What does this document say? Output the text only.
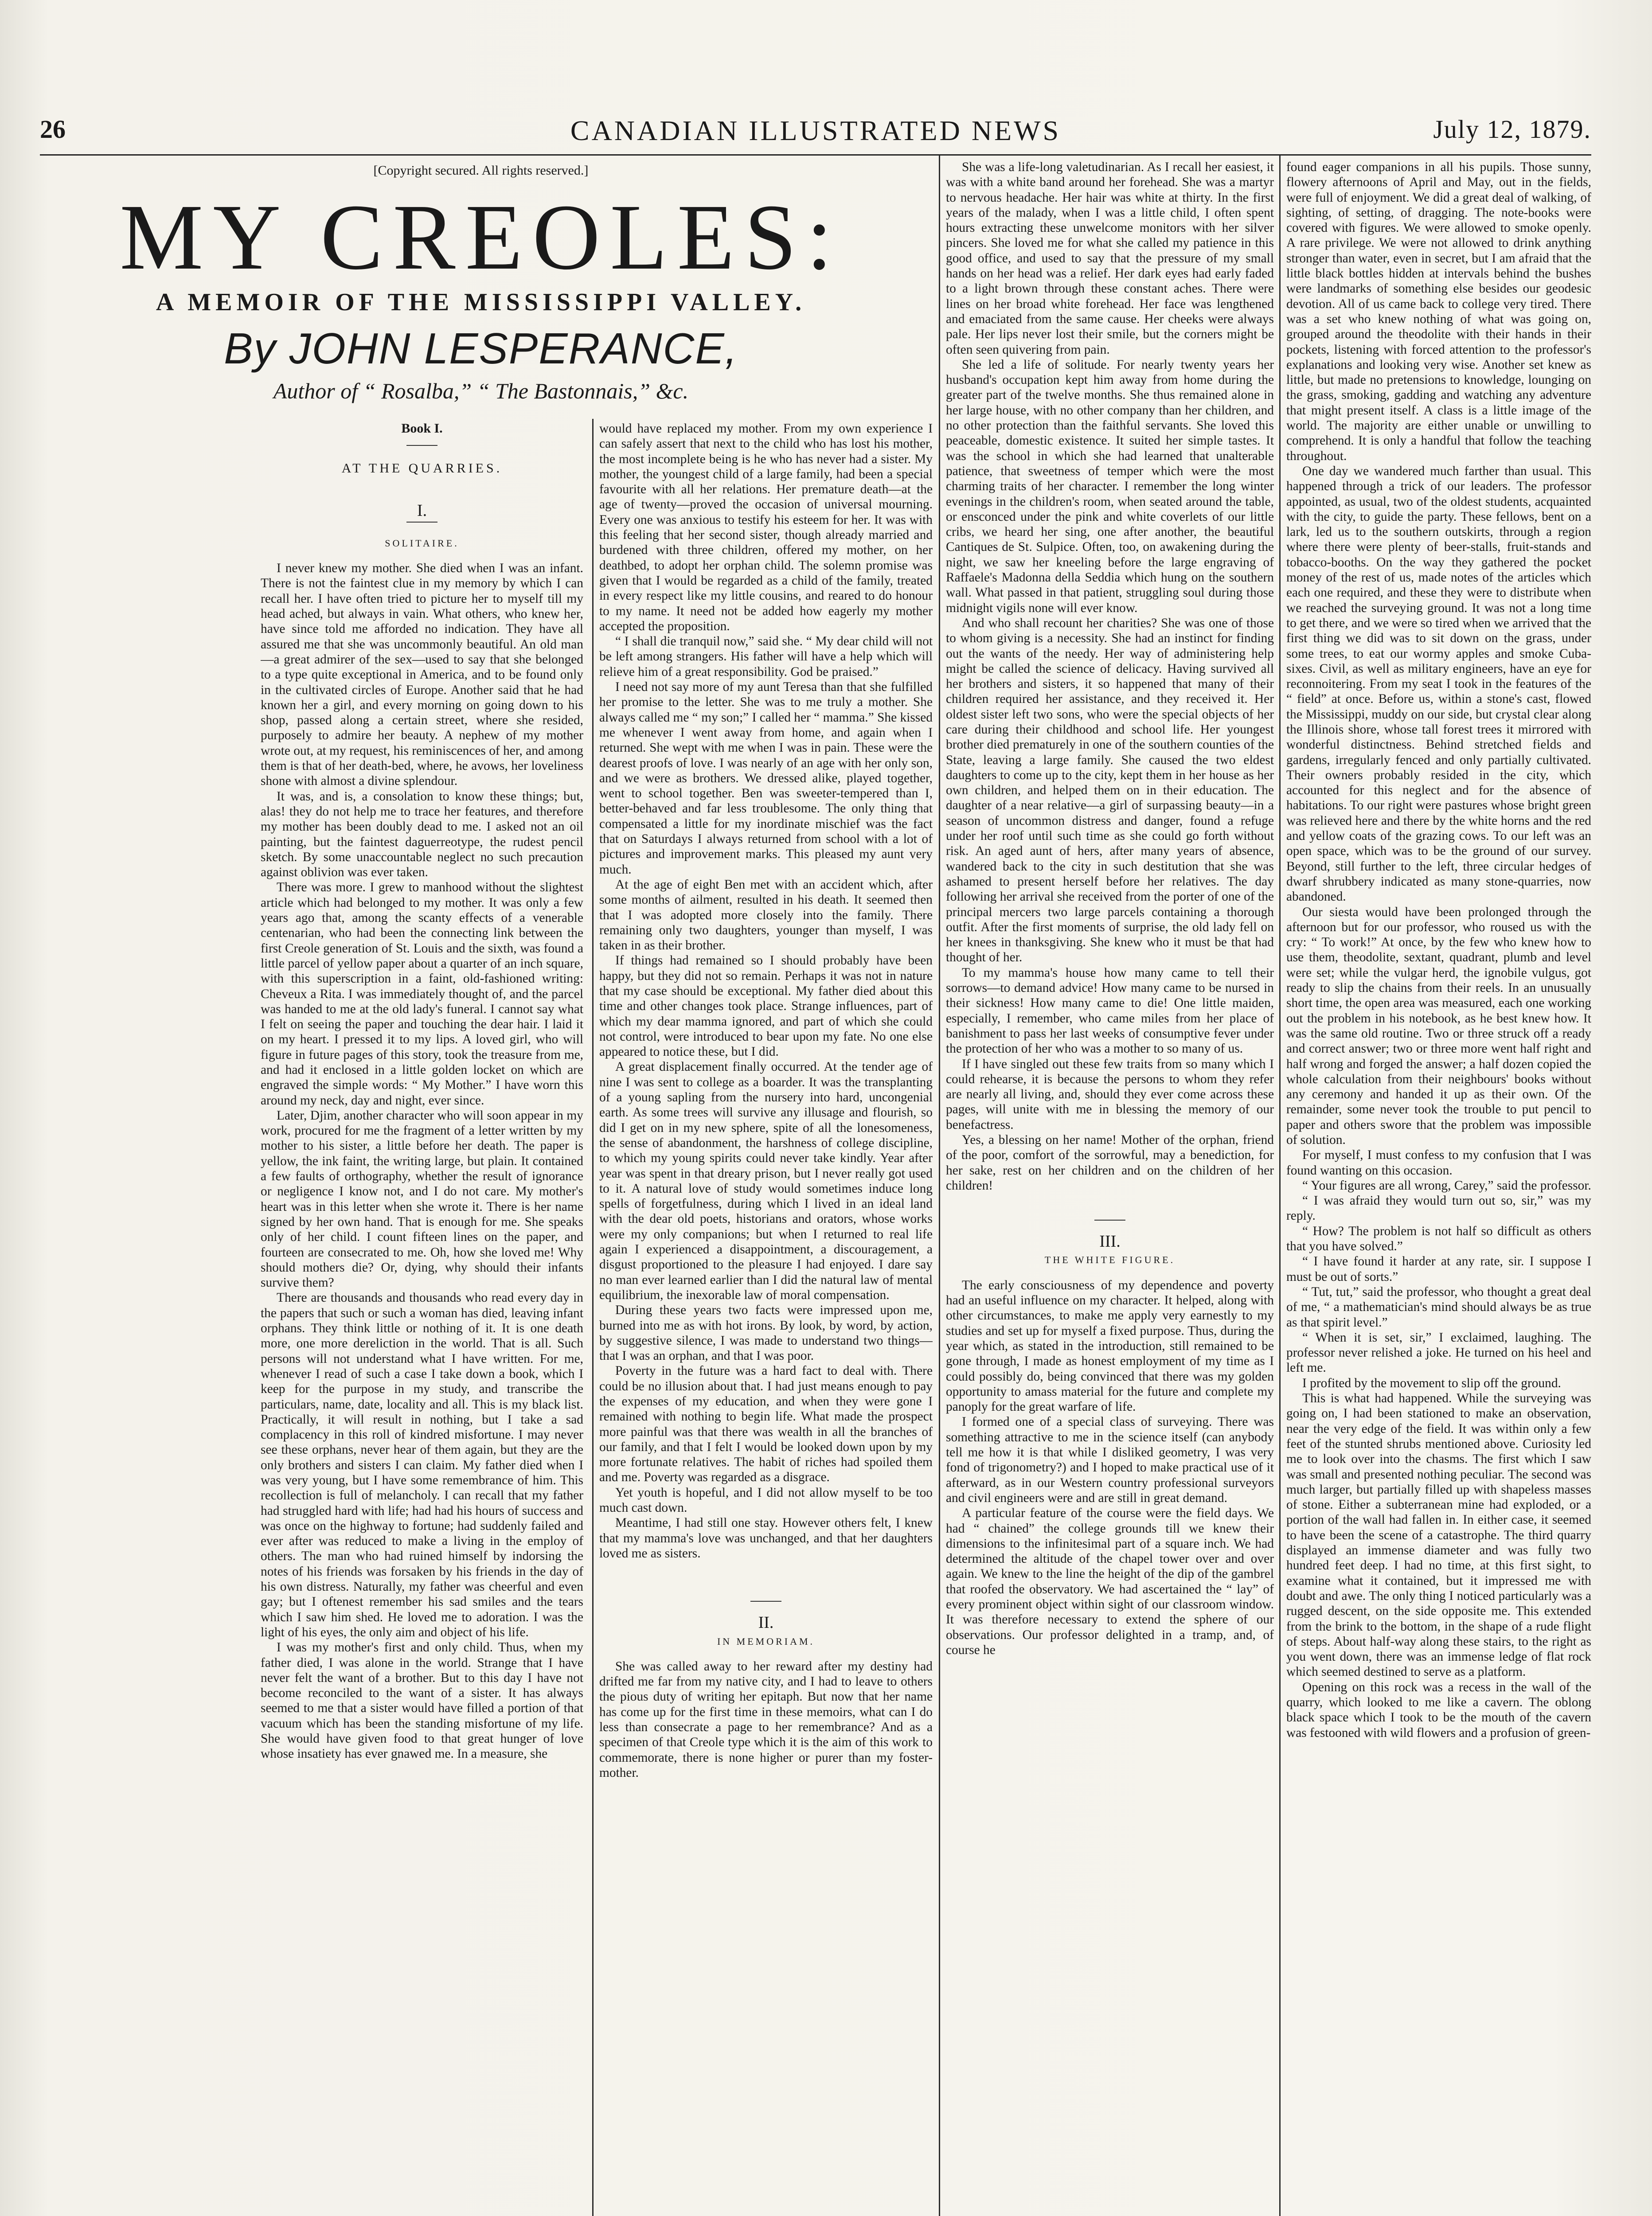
26	CANADIAN ILLUSTRATED NEWS	July 12, 1879.
[Copyright secured. All rights reserved.]
MY CREOLES:
A MEMOIR OF THE MISSISSIPPI VALLEY.
By JOHN LESPERANCE,
Author of “ Rosalba,” “ The Bastonnais,” &c.
Book I.
AT THE QUARRIES.
I.
SOLITAIRE.

I never knew my mother. She died when I was an infant. There is not the faintest clue in my memory by which I can recall her. I have often tried to picture her to myself till my head ached, but always in vain. What others, who knew her, have since told me afforded no indication. They have all assured me that she was uncommonly beautiful. An old man—a great admirer of the sex—used to say that she belonged to a type quite exceptional in America, and to be found only in the cultivated circles of Europe. Another said that he had known her a girl, and every morning on going down to his shop, passed along a certain street, where she resided, purposely to admire her beauty. A nephew of my mother wrote out, at my request, his reminiscences of her, and among them is that of her death-bed, where, he avows, her loveliness shone with almost a divine splendour.

It was, and is, a consolation to know these things; but, alas! they do not help me to trace her features, and therefore my mother has been doubly dead to me. I asked not an oil painting, but the faintest daguerreotype, the rudest pencil sketch. By some unaccountable neglect no such precaution against oblivion was ever taken.

There was more. I grew to manhood without the slightest article which had belonged to my mother. It was only a few years ago that, among the scanty effects of a venerable centenarian, who had been the connecting link between the first Creole generation of St. Louis and the sixth, was found a little parcel of yellow paper about a quarter of an inch square, with this superscription in a faint, old-fashioned writing: Cheveux a Rita. I was immediately thought of, and the parcel was handed to me at the old lady's funeral. I cannot say what I felt on seeing the paper and touching the dear hair. I laid it on my heart. I pressed it to my lips. A loved girl, who will figure in future pages of this story, took the treasure from me, and had it enclosed in a little golden locket on which are engraved the simple words: “ My Mother.” I have worn this around my neck, day and night, ever since.

Later, Djim, another character who will soon appear in my work, procured for me the fragment of a letter written by my mother to his sister, a little before her death. The paper is yellow, the ink faint, the writing large, but plain. It contained a few faults of orthography, whether the result of ignorance or negligence I know not, and I do not care. My mother's heart was in this letter when she wrote it. There is her name signed by her own hand. That is enough for me. She speaks only of her child. I count fifteen lines on the paper, and fourteen are consecrated to me. Oh, how she loved me! Why should mothers die? Or, dying, why should their infants survive them?

There are thousands and thousands who read every day in the papers that such or such a woman has died, leaving infant orphans. They think little or nothing of it. It is one death more, one more dereliction in the world. That is all. Such persons will not understand what I have written. For me, whenever I read of such a case I take down a book, which I keep for the purpose in my study, and transcribe the particulars, name, date, locality and all. This is my black list. Practically, it will result in nothing, but I take a sad complacency in this roll of kindred misfortune. I may never see these orphans, never hear of them again, but they are the only brothers and sisters I can claim. My father died when I was very young, but I have some remembrance of him. This recollection is full of melancholy. I can recall that my father had struggled hard with life; had had his hours of success and was once on the highway to fortune; had suddenly failed and ever after was reduced to make a living in the employ of others. The man who had ruined himself by indorsing the notes of his friends was forsaken by his friends in the day of his own distress. Naturally, my father was cheerful and even gay; but I oftenest remember his sad smiles and the tears which I saw him shed. He loved me to adoration. I was the light of his eyes, the only aim and object of his life.

I was my mother's first and only child. Thus, when my father died, I was alone in the world. Strange that I have never felt the want of a brother. But to this day I have not become reconciled to the want of a sister. It has always seemed to me that a sister would have filled a portion of that vacuum which has been the standing misfortune of my life. She would have given food to that great hunger of love whose insatiety has ever gnawed me. In a measure, she

would have replaced my mother. From my own experience I can safely assert that next to the child who has lost his mother, the most incomplete being is he who has never had a sister. My mother, the youngest child of a large family, had been a special favourite with all her relations. Her premature death—at the age of twenty—proved the occasion of universal mourning. Every one was anxious to testify his esteem for her. It was with this feeling that her second sister, though already married and burdened with three children, offered my mother, on her deathbed, to adopt her orphan child. The solemn promise was given that I would be regarded as a child of the family, treated in every respect like my little cousins, and reared to do honour to my name. It need not be added how eagerly my mother accepted the proposition.

“ I shall die tranquil now,” said she. “ My dear child will not be left among strangers. His father will have a help which will relieve him of a great responsibility. God be praised.”

I need not say more of my aunt Teresa than that she fulfilled her promise to the letter. She was to me truly a mother. She always called me “ my son;” I called her “ mamma.” She kissed me whenever I went away from home, and again when I returned. She wept with me when I was in pain. These were the dearest proofs of love. I was nearly of an age with her only son, and we were as brothers. We dressed alike, played together, went to school together. Ben was sweeter-tempered than I, better-behaved and far less troublesome. The only thing that compensated a little for my inordinate mischief was the fact that on Saturdays I always returned from school with a lot of pictures and improvement marks. This pleased my aunt very much.

At the age of eight Ben met with an accident which, after some months of ailment, resulted in his death. It seemed then that I was adopted more closely into the family. There remaining only two daughters, younger than myself, I was taken in as their brother.

If things had remained so I should probably have been happy, but they did not so remain. Perhaps it was not in nature that my case should be exceptional. My father died about this time and other changes took place. Strange influences, part of which my dear mamma ignored, and part of which she could not control, were introduced to bear upon my fate. No one else appeared to notice these, but I did.

A great displacement finally occurred. At the tender age of nine I was sent to college as a boarder. It was the transplanting of a young sapling from the nursery into hard, uncongenial earth. As some trees will survive any illusage and flourish, so did I get on in my new sphere, spite of all the lonesomeness, the sense of abandonment, the harshness of college discipline, to which my young spirits could never take kindly. Year after year was spent in that dreary prison, but I never really got used to it. A natural love of study would sometimes induce long spells of forgetfulness, during which I lived in an ideal land with the dear old poets, historians and orators, whose works were my only companions; but when I returned to real life again I experienced a disappointment, a discouragement, a disgust proportioned to the pleasure I had enjoyed. I dare say no man ever learned earlier than I did the natural law of mental equilibrium, the inexorable law of moral compensation.

During these years two facts were impressed upon me, burned into me as with hot irons. By look, by word, by action, by suggestive silence, I was made to understand two things—that I was an orphan, and that I was poor.

Poverty in the future was a hard fact to deal with. There could be no illusion about that. I had just means enough to pay the expenses of my education, and when they were gone I remained with nothing to begin life. What made the prospect more painful was that there was wealth in all the branches of our family, and that I felt I would be looked down upon by my more fortunate relatives. The habit of riches had spoiled them and me. Poverty was regarded as a disgrace.

Yet youth is hopeful, and I did not allow myself to be too much cast down.

Meantime, I had still one stay. However others felt, I knew that my mamma's love was unchanged, and that her daughters loved me as sisters.

II.
IN MEMORIAM.

She was called away to her reward after my destiny had drifted me far from my native city, and I had to leave to others the pious duty of writing her epitaph. But now that her name has come up for the first time in these memoirs, what can I do less than consecrate a page to her remembrance? And as a specimen of that Creole type which it is the aim of this work to commemorate, there is none higher or purer than my foster-mother.

She was a life-long valetudinarian. As I recall her easiest, it was with a white band around her forehead. She was a martyr to nervous headache. Her hair was white at thirty. In the first years of the malady, when I was a little child, I often spent hours extracting these unwelcome monitors with her silver pincers. She loved me for what she called my patience in this good office, and used to say that the pressure of my small hands on her head was a relief. Her dark eyes had early faded to a light brown through these constant aches. There were lines on her broad white forehead. Her face was lengthened and emaciated from the same cause. Her cheeks were always pale. Her lips never lost their smile, but the corners might be often seen quivering from pain.

She led a life of solitude. For nearly twenty years her husband's occupation kept him away from home during the greater part of the twelve months. She thus remained alone in her large house, with no other company than her children, and no other protection than the faithful servants. She loved this peaceable, domestic existence. It suited her simple tastes. It was the school in which she had learned that unalterable patience, that sweetness of temper which were the most charming traits of her character. I remember the long winter evenings in the children's room, when seated around the table, or ensconced under the pink and white coverlets of our little cribs, we heard her sing, one after another, the beautiful Cantiques de St. Sulpice. Often, too, on awakening during the night, we saw her kneeling before the large engraving of Raffaele's Madonna della Seddia which hung on the southern wall. What passed in that patient, struggling soul during those midnight vigils none will ever know.

And who shall recount her charities? She was one of those to whom giving is a necessity. She had an instinct for finding out the wants of the needy. Her way of administering help might be called the science of delicacy. Having survived all her brothers and sisters, it so happened that many of their children required her assistance, and they received it. Her oldest sister left two sons, who were the special objects of her care during their childhood and school life. Her youngest brother died prematurely in one of the southern counties of the State, leaving a large family. She caused the two eldest daughters to come up to the city, kept them in her house as her own children, and helped them on in their education. The daughter of a near relative—a girl of surpassing beauty—in a season of uncommon distress and danger, found a refuge under her roof until such time as she could go forth without risk. An aged aunt of hers, after many years of absence, wandered back to the city in such destitution that she was ashamed to present herself before her relatives. The day following her arrival she received from the porter of one of the principal mercers two large parcels containing a thorough outfit. After the first moments of surprise, the old lady fell on her knees in thanksgiving. She knew who it must be that had thought of her.

To my mamma's house how many came to tell their sorrows—to demand advice! How many came to be nursed in their sickness! How many came to die! One little maiden, especially, I remember, who came miles from her place of banishment to pass her last weeks of consumptive fever under the protection of her who was a mother to so many of us.

If I have singled out these few traits from so many which I could rehearse, it is because the persons to whom they refer are nearly all living, and, should they ever come across these pages, will unite with me in blessing the memory of our benefactress.

Yes, a blessing on her name! Mother of the orphan, friend of the poor, comfort of the sorrowful, may a benediction, for her sake, rest on her children and on the children of her children!

III.
THE WHITE FIGURE.

The early consciousness of my dependence and poverty had an useful influence on my character. It helped, along with other circumstances, to make me apply very earnestly to my studies and set up for myself a fixed purpose. Thus, during the year which, as stated in the introduction, still remained to be gone through, I made as honest employment of my time as I could possibly do, being convinced that there was my golden opportunity to amass material for the future and complete my panoply for the great warfare of life.

I formed one of a special class of surveying. There was something attractive to me in the science itself (can anybody tell me how it is that while I disliked geometry, I was very fond of trigonometry?) and I hoped to make practical use of it afterward, as in our Western country professional surveyors and civil engineers were and are still in great demand.

A particular feature of the course were the field days. We had “ chained” the college grounds till we knew their dimensions to the infinitesimal part of a square inch. We had determined the altitude of the chapel tower over and over again. We knew to the line the height of the dip of the gambrel that roofed the observatory. We had ascertained the “ lay” of every prominent object within sight of our classroom window. It was therefore necessary to extend the sphere of our observations. Our professor delighted in a tramp, and, of course he

found eager companions in all his pupils. Those sunny, flowery afternoons of April and May, out in the fields, were full of enjoyment. We did a great deal of walking, of sighting, of setting, of dragging. The note-books were covered with figures. We were allowed to smoke openly. A rare privilege. We were not allowed to drink anything stronger than water, even in secret, but I am afraid that the little black bottles hidden at intervals behind the bushes were landmarks of something else besides our geodesic devotion. All of us came back to college very tired. There was a set who knew nothing of what was going on, grouped around the theodolite with their hands in their pockets, listening with forced attention to the professor's explanations and looking very wise. Another set knew as little, but made no pretensions to knowledge, lounging on the grass, smoking, gadding and watching any adventure that might present itself. A class is a little image of the world. The majority are either unable or unwilling to comprehend. It is only a handful that follow the teaching throughout.

One day we wandered much farther than usual. This happened through a trick of our leaders. The professor appointed, as usual, two of the oldest students, acquainted with the city, to guide the party. These fellows, bent on a lark, led us to the southern outskirts, through a region where there were plenty of beer-stalls, fruit-stands and tobacco-booths. On the way they gathered the pocket money of the rest of us, made notes of the articles which each one required, and these they were to distribute when we reached the surveying ground. It was not a long time to get there, and we were so tired when we arrived that the first thing we did was to sit down on the grass, under some trees, to eat our wormy apples and smoke Cuba-sixes. Civil, as well as military engineers, have an eye for reconnoitering. From my seat I took in the features of the “ field” at once. Before us, within a stone's cast, flowed the Mississippi, muddy on our side, but crystal clear along the Illinois shore, whose tall forest trees it mirrored with wonderful distinctness. Behind stretched fields and gardens, irregularly fenced and only partially cultivated. Their owners probably resided in the city, which accounted for this neglect and for the absence of habitations. To our right were pastures whose bright green was relieved here and there by the white horns and the red and yellow coats of the grazing cows. To our left was an open space, which was to be the ground of our survey. Beyond, still further to the left, three circular hedges of dwarf shrubbery indicated as many stone-quarries, now abandoned.

Our siesta would have been prolonged through the afternoon but for our professor, who roused us with the cry: “ To work!” At once, by the few who knew how to use them, theodolite, sextant, quadrant, plumb and level were set; while the vulgar herd, the ignobile vulgus, got ready to slip the chains from their reels. In an unusually short time, the open area was measured, each one working out the problem in his notebook, as he best knew how. It was the same old routine. Two or three struck off a ready and correct answer; two or three more went half right and half wrong and forged the answer; a half dozen copied the whole calculation from their neighbours' books without any ceremony and handed it up as their own. Of the remainder, some never took the trouble to put pencil to paper and others swore that the problem was impossible of solution.

For myself, I must confess to my confusion that I was found wanting on this occasion.

“ Your figures are all wrong, Carey,” said the professor.

“ I was afraid they would turn out so, sir,” was my reply.

“ How? The problem is not half so difficult as others that you have solved.”

“ I have found it harder at any rate, sir. I suppose I must be out of sorts.”

“ Tut, tut,” said the professor, who thought a great deal of me, “ a mathematician's mind should always be as true as that spirit level.”

“ When it is set, sir,” I exclaimed, laughing. The professor never relished a joke. He turned on his heel and left me.

I profited by the movement to slip off the ground.

This is what had happened. While the surveying was going on, I had been stationed to make an observation, near the very edge of the field. It was within only a few feet of the stunted shrubs mentioned above. Curiosity led me to look over into the chasms. The first which I saw was small and presented nothing peculiar. The second was much larger, but partially filled up with shapeless masses of stone. Either a subterranean mine had exploded, or a portion of the wall had fallen in. In either case, it seemed to have been the scene of a catastrophe. The third quarry displayed an immense diameter and was fully two hundred feet deep. I had no time, at this first sight, to examine what it contained, but it impressed me with doubt and awe. The only thing I noticed particularly was a rugged descent, on the side opposite me. This extended from the brink to the bottom, in the shape of a rude flight of steps. About half-way along these stairs, to the right as you went down, there was an immense ledge of flat rock which seemed destined to serve as a platform.

Opening on this rock was a recess in the wall of the quarry, which looked to me like a cavern. The oblong black space which I took to be the mouth of the cavern was festooned with wild flowers and a profusion of green-
